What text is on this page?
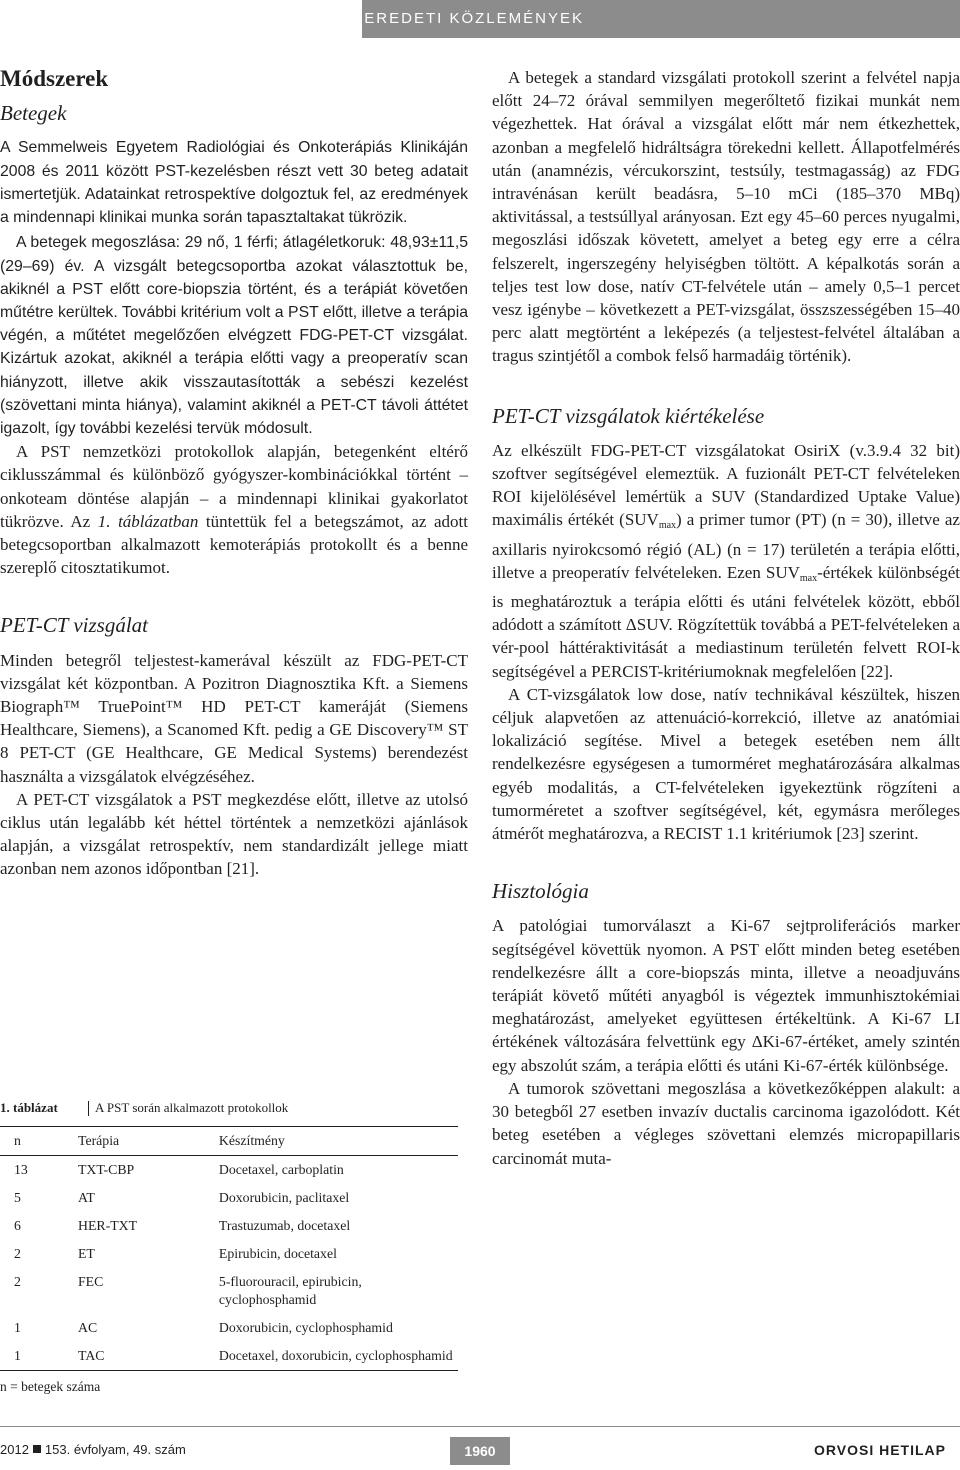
EREDETI KÖZLEMÉNYEK
Módszerek
Betegek

A Semmelweis Egyetem Radiológiai és Onkoterápiás Klinikáján 2008 és 2011 között PST-kezelésben részt vett 30 beteg adatait ismertetjük. Adatainkat retrospektíve dolgoztuk fel, az eredmények a mindennapi klinikai munka során tapasztaltakat tükrözik.

A betegek megoszlása: 29 nő, 1 férfi; átlagéletkoruk: 48,93±11,5 (29–69) év. A vizsgált betegcsoportba azokat választottuk be, akiknél a PST előtt core-biopszia történt, és a terápiát követően műtétre kerültek. További kritérium volt a PST előtt, illetve a terápia végén, a műtétet megelőzően elvégzett FDG-PET-CT vizsgálat. Kizártuk azokat, akiknél a terápia előtti vagy a preoperatív scan hiányzott, illetve akik visszautasították a sebészi kezelést (szövettani minta hiánya), valamint akiknél a PET-CT távoli áttétet igazolt, így további kezelési tervük módosult.

A PST nemzetközi protokollok alapján, betegenként eltérő ciklusszámmal és különböző gyógyszer-kombinációkkal történt – onkoteam döntése alapján – a mindennapi klinikai gyakorlatot tükrözve. Az 1. táblázatban tüntettük fel a betegszámot, az adott betegcsoportban alkalmazott kemoterápiás protokollt és a benne szereplő citosztatikumot.

PET-CT vizsgálat

Minden betegről teljestest-kamerával készült az FDG-PET-CT vizsgálat két központban. A Pozitron Diagnosztika Kft. a Siemens Biograph™ TruePoint™ HD PET-CT kameráját (Siemens Healthcare, Siemens), a Scanomed Kft. pedig a GE Discovery™ ST 8 PET-CT (GE Healthcare, GE Medical Systems) berendezést használta a vizsgálatok elvégzéséhez.

A PET-CT vizsgálatok a PST megkezdése előtt, illetve az utolsó ciklus után legalább két héttel történtek a nemzetközi ajánlások alapján, a vizsgálat retrospektív, nem standardizált jellege miatt azonban nem azonos időpontban [21].

1. táblázat	A PST során alkalmazott protokollok
n	Terápia	Készítmény
13	TXT-CBP	Docetaxel, carboplatin
5	AT	Doxorubicin, paclitaxel
6	HER-TXT	Trastuzumab, docetaxel
2	ET	Epirubicin, docetaxel
2	FEC	5-fluorouracil, epirubicin, cyclophosphamid
1	AC	Doxorubicin, cyclophosphamid
1	TAC	Docetaxel, doxorubicin, cyclophosphamid
n = betegek száma

A betegek a standard vizsgálati protokoll szerint a felvétel napja előtt 24–72 órával semmilyen megerőltető fizikai munkát nem végezhettek. Hat órával a vizsgálat előtt már nem étkezhettek, azonban a megfelelő hidráltságra törekedni kellett. Állapotfelmérés után (anamnézis, vércukorszint, testsúly, testmagasság) az FDG intravénásan került beadásra, 5–10 mCi (185–370 MBq) aktivitással, a testsúllyal arányosan. Ezt egy 45–60 perces nyugalmi, megoszlási időszak követett, amelyet a beteg egy erre a célra felszerelt, ingerszegény helyiségben töltött. A képalkotás során a teljes test low dose, natív CT-felvétele után – amely 0,5–1 percet vesz igénybe – következett a PET-vizsgálat, összszességében 15–40 perc alatt megtörtént a leképezés (a teljestest-felvétel általában a tragus szintjétől a combok felső harmadáig történik).

PET-CT vizsgálatok kiértékelése

Az elkészült FDG-PET-CT vizsgálatokat OsiriX (v.3.9.4 32 bit) szoftver segítségével elemeztük. A fuzionált PET-CT felvételeken ROI kijelölésével lemértük a SUV (Standardized Uptake Value) maximális értékét $(SUV_{max})$ a primer tumor (PT) (n = 30), illetve az axillaris nyirokcsomó régió (AL) (n = 17) területén a terápia előtti, illetve a preoperatív felvételeken. Ezen $SUV_{max}$-értékek különbségét is meghatároztuk a terápia előtti és utáni felvételek között, ebből adódott a számított ΔSUV. Rögzítettük továbbá a PET-felvételeken a vér-pool háttéraktivitását a mediastinum területén felvett ROI-k segítségével a PERCIST-kritériumoknak megfelelően [22].

A CT-vizsgálatok low dose, natív technikával készültek, hiszen céljuk alapvetően az attenuáció-korrekció, illetve az anatómiai lokalizáció segítése. Mivel a betegek esetében nem állt rendelkezésre egységesen a tumorméret meghatározására alkalmas egyéb modalitás, a CT-felvételeken igyekeztünk rögzíteni a tumorméretet a szoftver segítségével, két, egymásra merőleges átmérőt meghatározva, a RECIST 1.1 kritériumok [23] szerint.

Hisztológia

A patológiai tumorválaszt a Ki-67 sejtproliferációs marker segítségével követtük nyomon. A PST előtt minden beteg esetében rendelkezésre állt a core-biopszás minta, illetve a neoadjuváns terápiát követő műtéti anyagból is végeztek immunhisztokémiai meghatározást, amelyeket együttesen értékeltünk. A Ki-67 LI értékének változására felvettünk egy ΔKi-67-értéket, amely szintén egy abszolút szám, a terápia előtti és utáni Ki-67-érték különbsége.

A tumorok szövettani megoszlása a következőképpen alakult: a 30 betegből 27 esetben invazív ductalis carcinoma igazolódott. Két beteg esetében a végleges szövettani elemzés micropapillaris carcinomát muta-

2012 153. évfolyam, 49. szám	1960	ORVOSI HETILAP
